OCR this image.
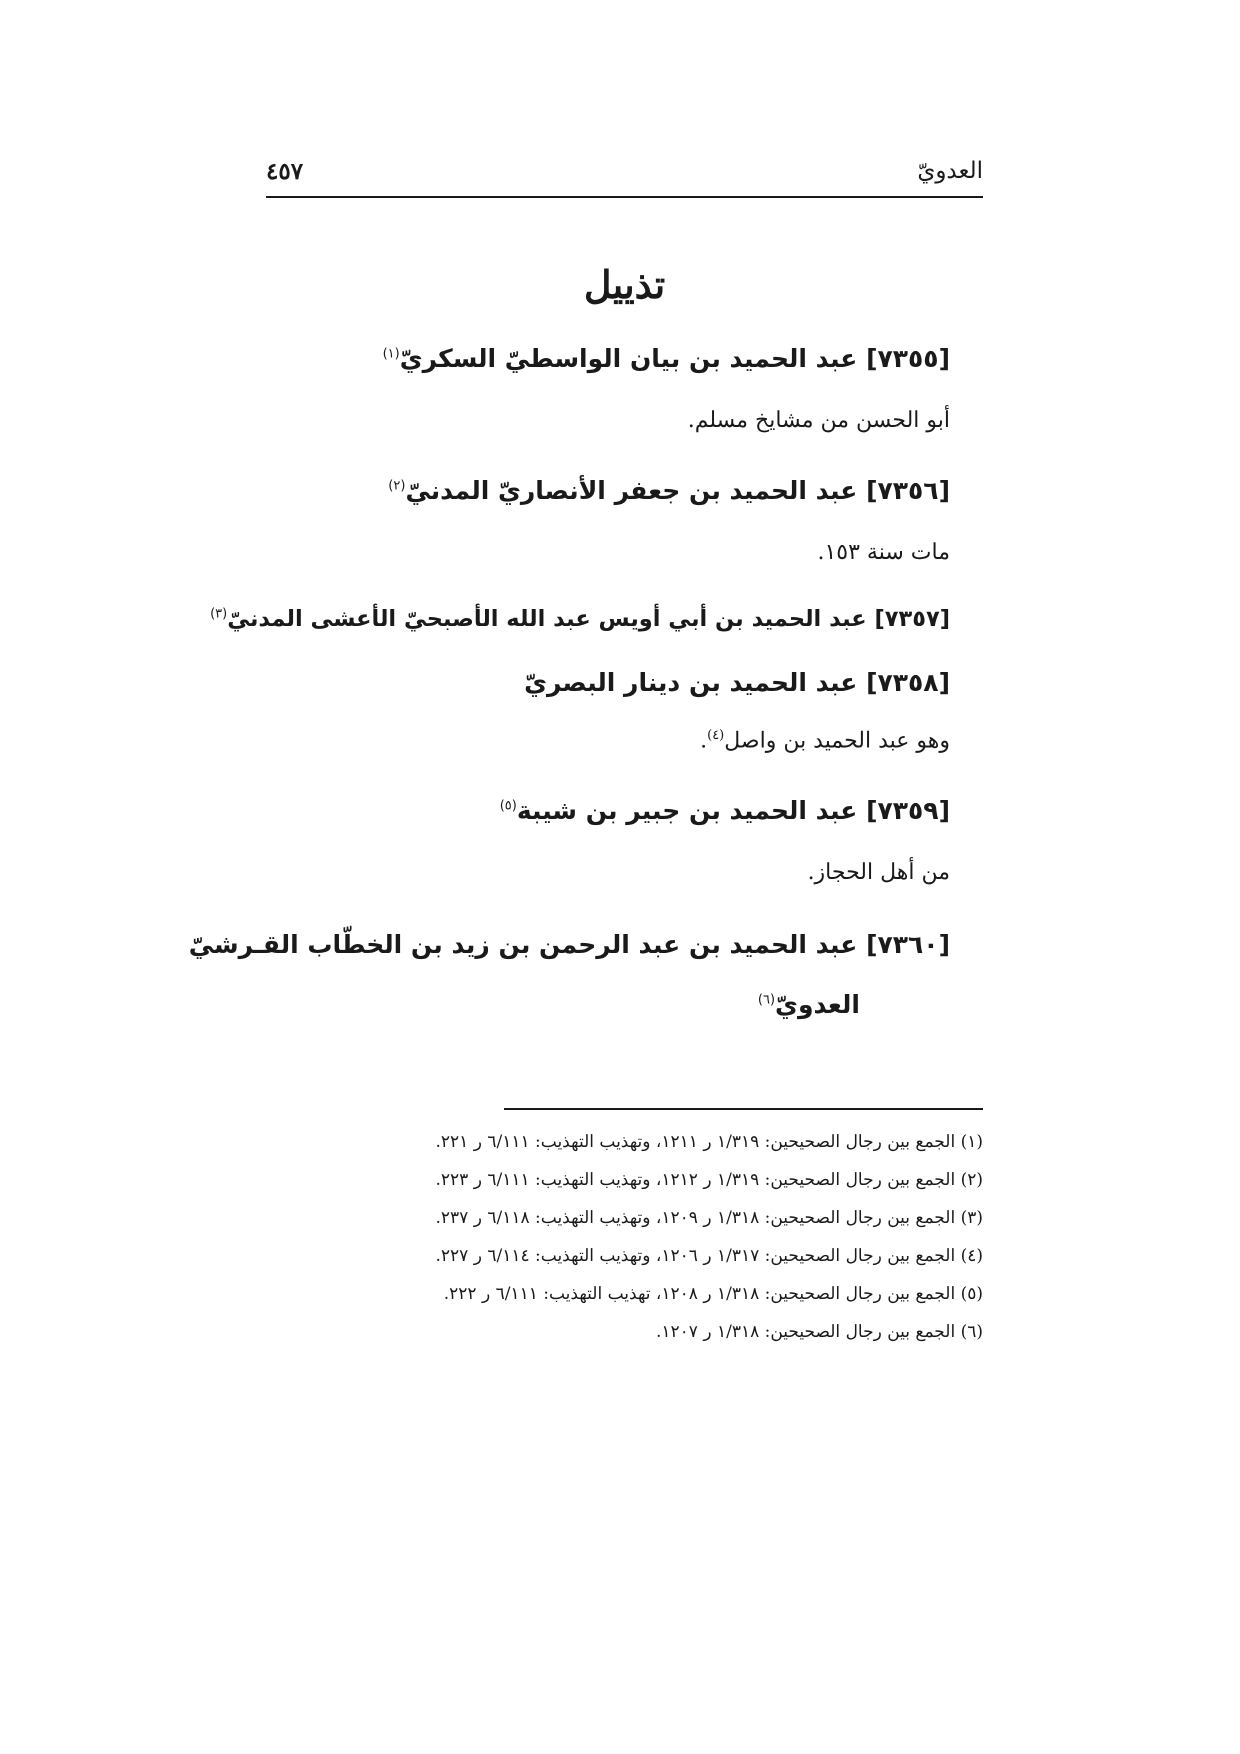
العدويّ
٤٥٧
تذييل
[٧٣٥٥] عبد الحميد بن بيان الواسطيّ السكريّ$^{(١)}$
أبو الحسن من مشايخ مسلم.
[٧٣٥٦] عبد الحميد بن جعفر الأنصاريّ المدنيّ$^{(٢)}$
مات سنة ١٥٣.
[٧٣٥٧] عبد الحميد بن أبي أويس عبد الله الأصبحيّ الأعشى المدنيّ$^{(٣)}$
[٧٣٥٨] عبد الحميد بن دينار البصريّ
وهو عبد الحميد بن واصل$^{(٤)}$.
[٧٣٥٩] عبد الحميد بن جبير بن شيبة$^{(٥)}$
من أهل الحجاز.
[٧٣٦٠] عبد الحميد بن عبد الرحمن بن زيد بن الخطّاب القـرشيّ
العدويّ$^{(٦)}$
(١) الجمع بين رجال الصحيحين: ١/٣١٩ ر ١٢١١، وتهذيب التهذيب: ٦/١١١ ر ٢٢١.
(٢) الجمع بين رجال الصحيحين: ١/٣١٩ ر ١٢١٢، وتهذيب التهذيب: ٦/١١١ ر ٢٢٣.
(٣) الجمع بين رجال الصحيحين: ١/٣١٨ ر ١٢٠٩، وتهذيب التهذيب: ٦/١١٨ ر ٢٣٧.
(٤) الجمع بين رجال الصحيحين: ١/٣١٧ ر ١٢٠٦، وتهذيب التهذيب: ٦/١١٤ ر ٢٢٧.
(٥) الجمع بين رجال الصحيحين: ١/٣١٨ ر ١٢٠٨، تهذيب التهذيب: ٦/١١١ ر ٢٢٢.
(٦) الجمع بين رجال الصحيحين: ١/٣١٨ ر ١٢٠٧.
